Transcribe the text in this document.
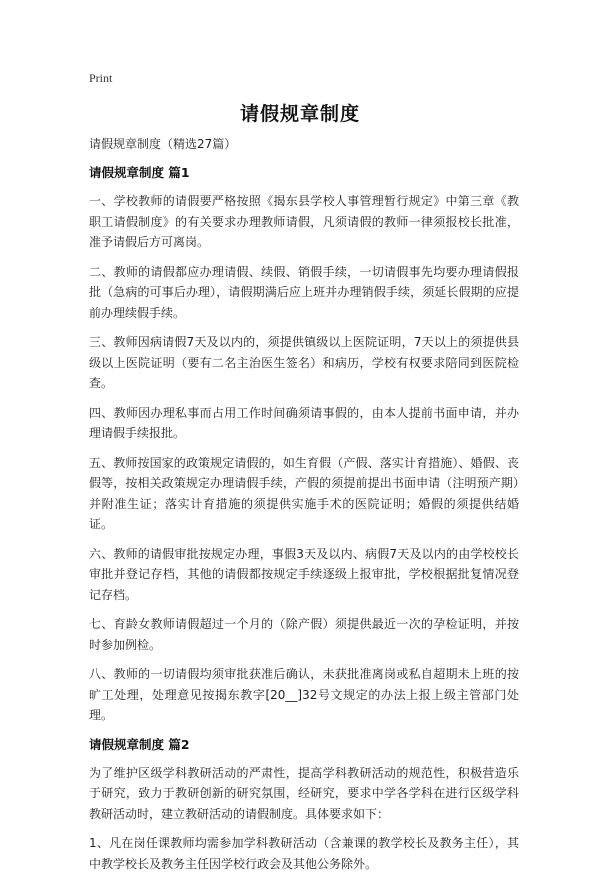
Print
请假规章制度

请假规章制度（精选27篇）

请假规章制度 篇1

一、学校教师的请假要严格按照《揭东县学校人事管理暂行规定》中第三章《教职工请假制度》的有关要求办理教师请假，凡须请假的教师一律须报校长批准，准予请假后方可离岗。

二、教师的请假都应办理请假、续假、销假手续，一切请假事先均要办理请假报批（急病的可事后办理），请假期满后应上班并办理销假手续，须延长假期的应提前办理续假手续。

三、教师因病请假7天及以内的，须提供镇级以上医院证明，7天以上的须提供县级以上医院证明（要有二名主治医生签名）和病历，学校有权要求陪同到医院检查。

四、教师因办理私事而占用工作时间确须请事假的，由本人提前书面申请，并办理请假手续报批。

五、教师按国家的政策规定请假的，如生育假（产假、落实计育措施）、婚假、丧假等，按相关政策规定办理请假手续，产假的须提前提出书面申请（注明预产期）并附准生证；落实计育措施的须提供实施手术的医院证明；婚假的须提供结婚证。

六、教师的请假审批按规定办理，事假3天及以内、病假7天及以内的由学校校长审批并登记存档，其他的请假都按规定手续逐级上报审批，学校根据批复情况登记存档。

七、育龄女教师请假超过一个月的（除产假）须提供最近一次的孕检证明，并按时参加例检。

八、教师的一切请假均须审批获准后确认，未获批准离岗或私自超期未上班的按旷工处理，处理意见按揭东教字[20__]32号文规定的办法上报上级主管部门处理。

请假规章制度 篇2

为了维护区级学科教研活动的严肃性，提高学科教研活动的规范性，积极营造乐于研究，致力于教研创新的研究氛围，经研究，要求中学各学科在进行区级学科教研活动时，建立教研活动的请假制度。具体要求如下：

1、凡在岗任课教师均需参加学科教研活动（含兼课的教学校长及教务主任），其中教学校长及教务主任因学校行政会及其他公务除外。
